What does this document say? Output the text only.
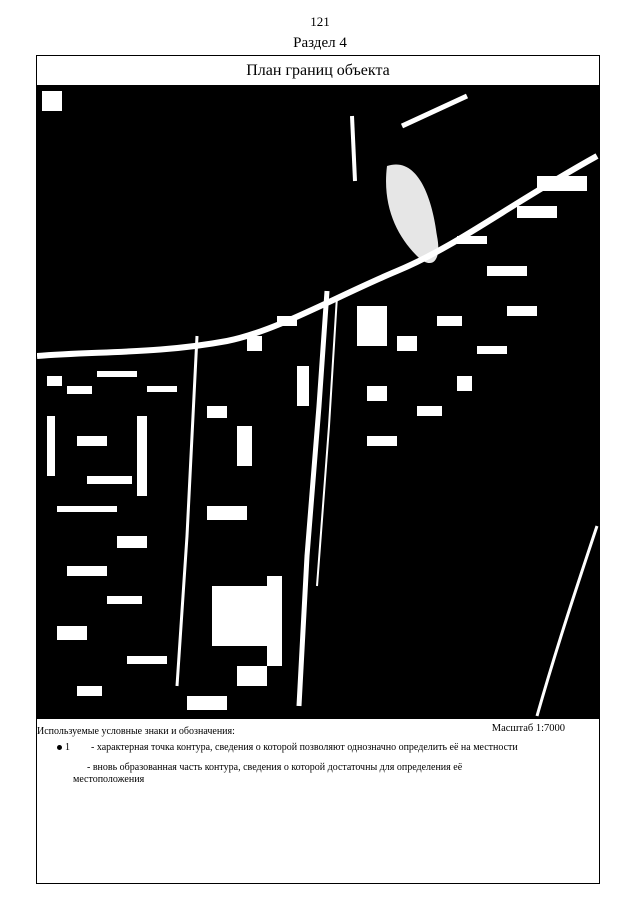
121
Раздел 4
План границ объекта
Используемые условные знаки и обозначения:	Масштаб 1:7000
1 - характерная точка контура, сведения о которой позволяют однозначно определить её на местности
- вновь образованная часть контура, сведения о которой достаточны для определения её
местоположения
